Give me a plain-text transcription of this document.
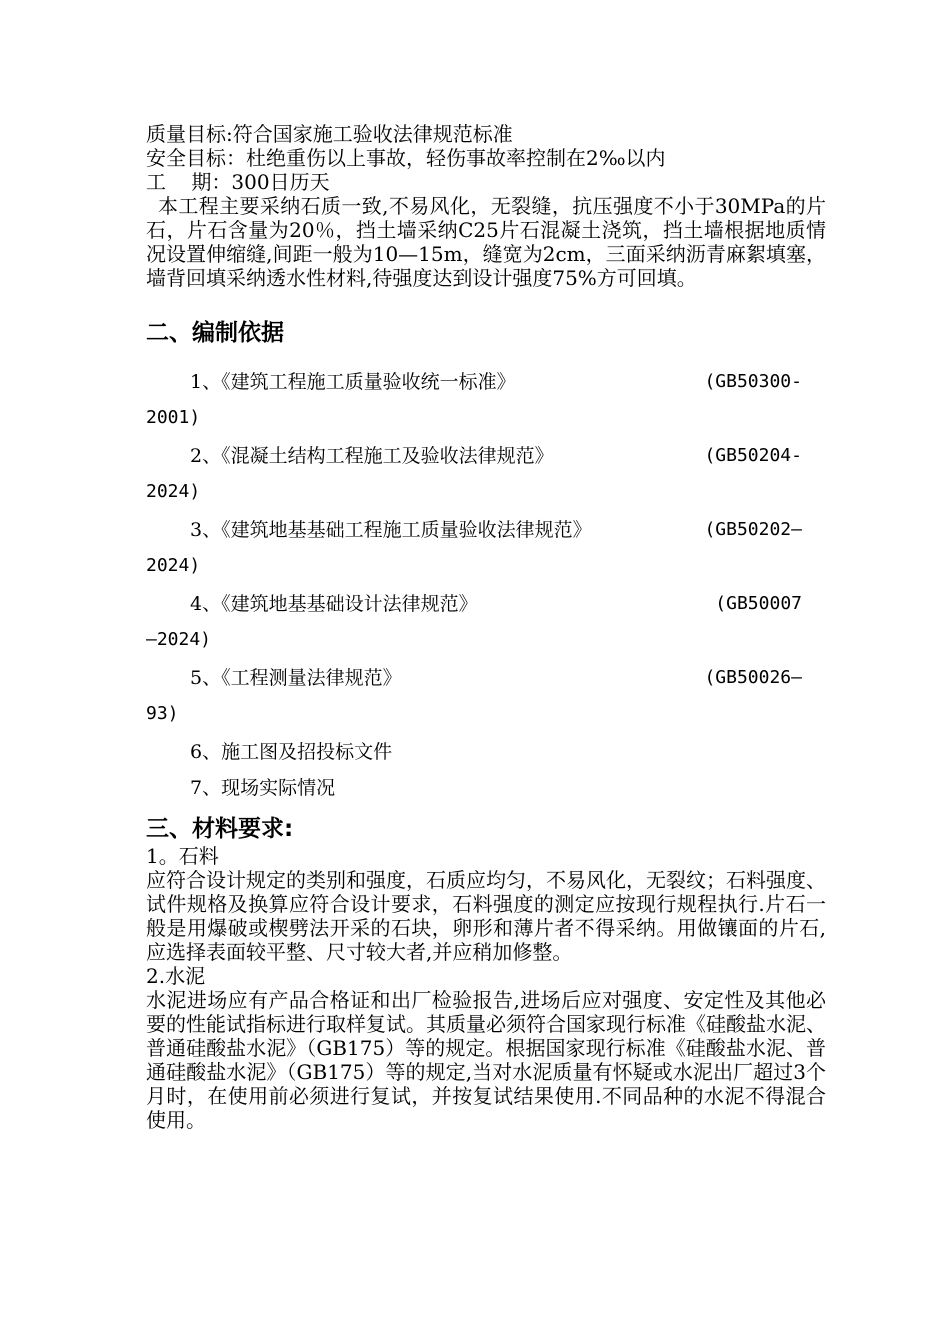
质量目标:符合国家施工验收法律规范标准
安全目标：杜绝重伤以上事故，轻伤事故率控制在2‰以内
工    期：300日历天
本工程主要采纳石质一致,不易风化，无裂缝，抗压强度不小于30MPa的片石，片石含量为20％，挡土墙采纳C25片石混凝土浇筑，挡土墙根据地质情况设置伸缩缝,间距一般为10—15m，缝宽为2cm，三面采纳沥青麻絮填塞，墙背回填采纳透水性材料,待强度达到设计强度75%方可回填。
二、编制依据
1、《建筑工程施工质量验收统一标准》	(GB50300-
2001)
2、《混凝土结构工程施工及验收法律规范》	(GB50204-
2024)
3、《建筑地基基础工程施工质量验收法律规范》	(GB50202—
2024)
4、《建筑地基基础设计法律规范》	(GB50007
—2024)
5、《工程测量法律规范》	(GB50026—
93)
6、施工图及招投标文件
7、现场实际情况
三、材料要求:
1。石料
应符合设计规定的类别和强度，石质应均匀，不易风化，无裂纹；石料强度、试件规格及换算应符合设计要求，石料强度的测定应按现行规程执行.片石一般是用爆破或楔劈法开采的石块，卵形和薄片者不得采纳。用做镶面的片石,应选择表面较平整、尺寸较大者,并应稍加修整。
2.水泥
水泥进场应有产品合格证和出厂检验报告,进场后应对强度、安定性及其他必要的性能试指标进行取样复试。其质量必须符合国家现行标准《硅酸盐水泥、普通硅酸盐水泥》（GB175）等的规定。根据国家现行标准《硅酸盐水泥、普通硅酸盐水泥》（GB175）等的规定,当对水泥质量有怀疑或水泥出厂超过3个月时，在使用前必须进行复试，并按复试结果使用.不同品种的水泥不得混合使用。
